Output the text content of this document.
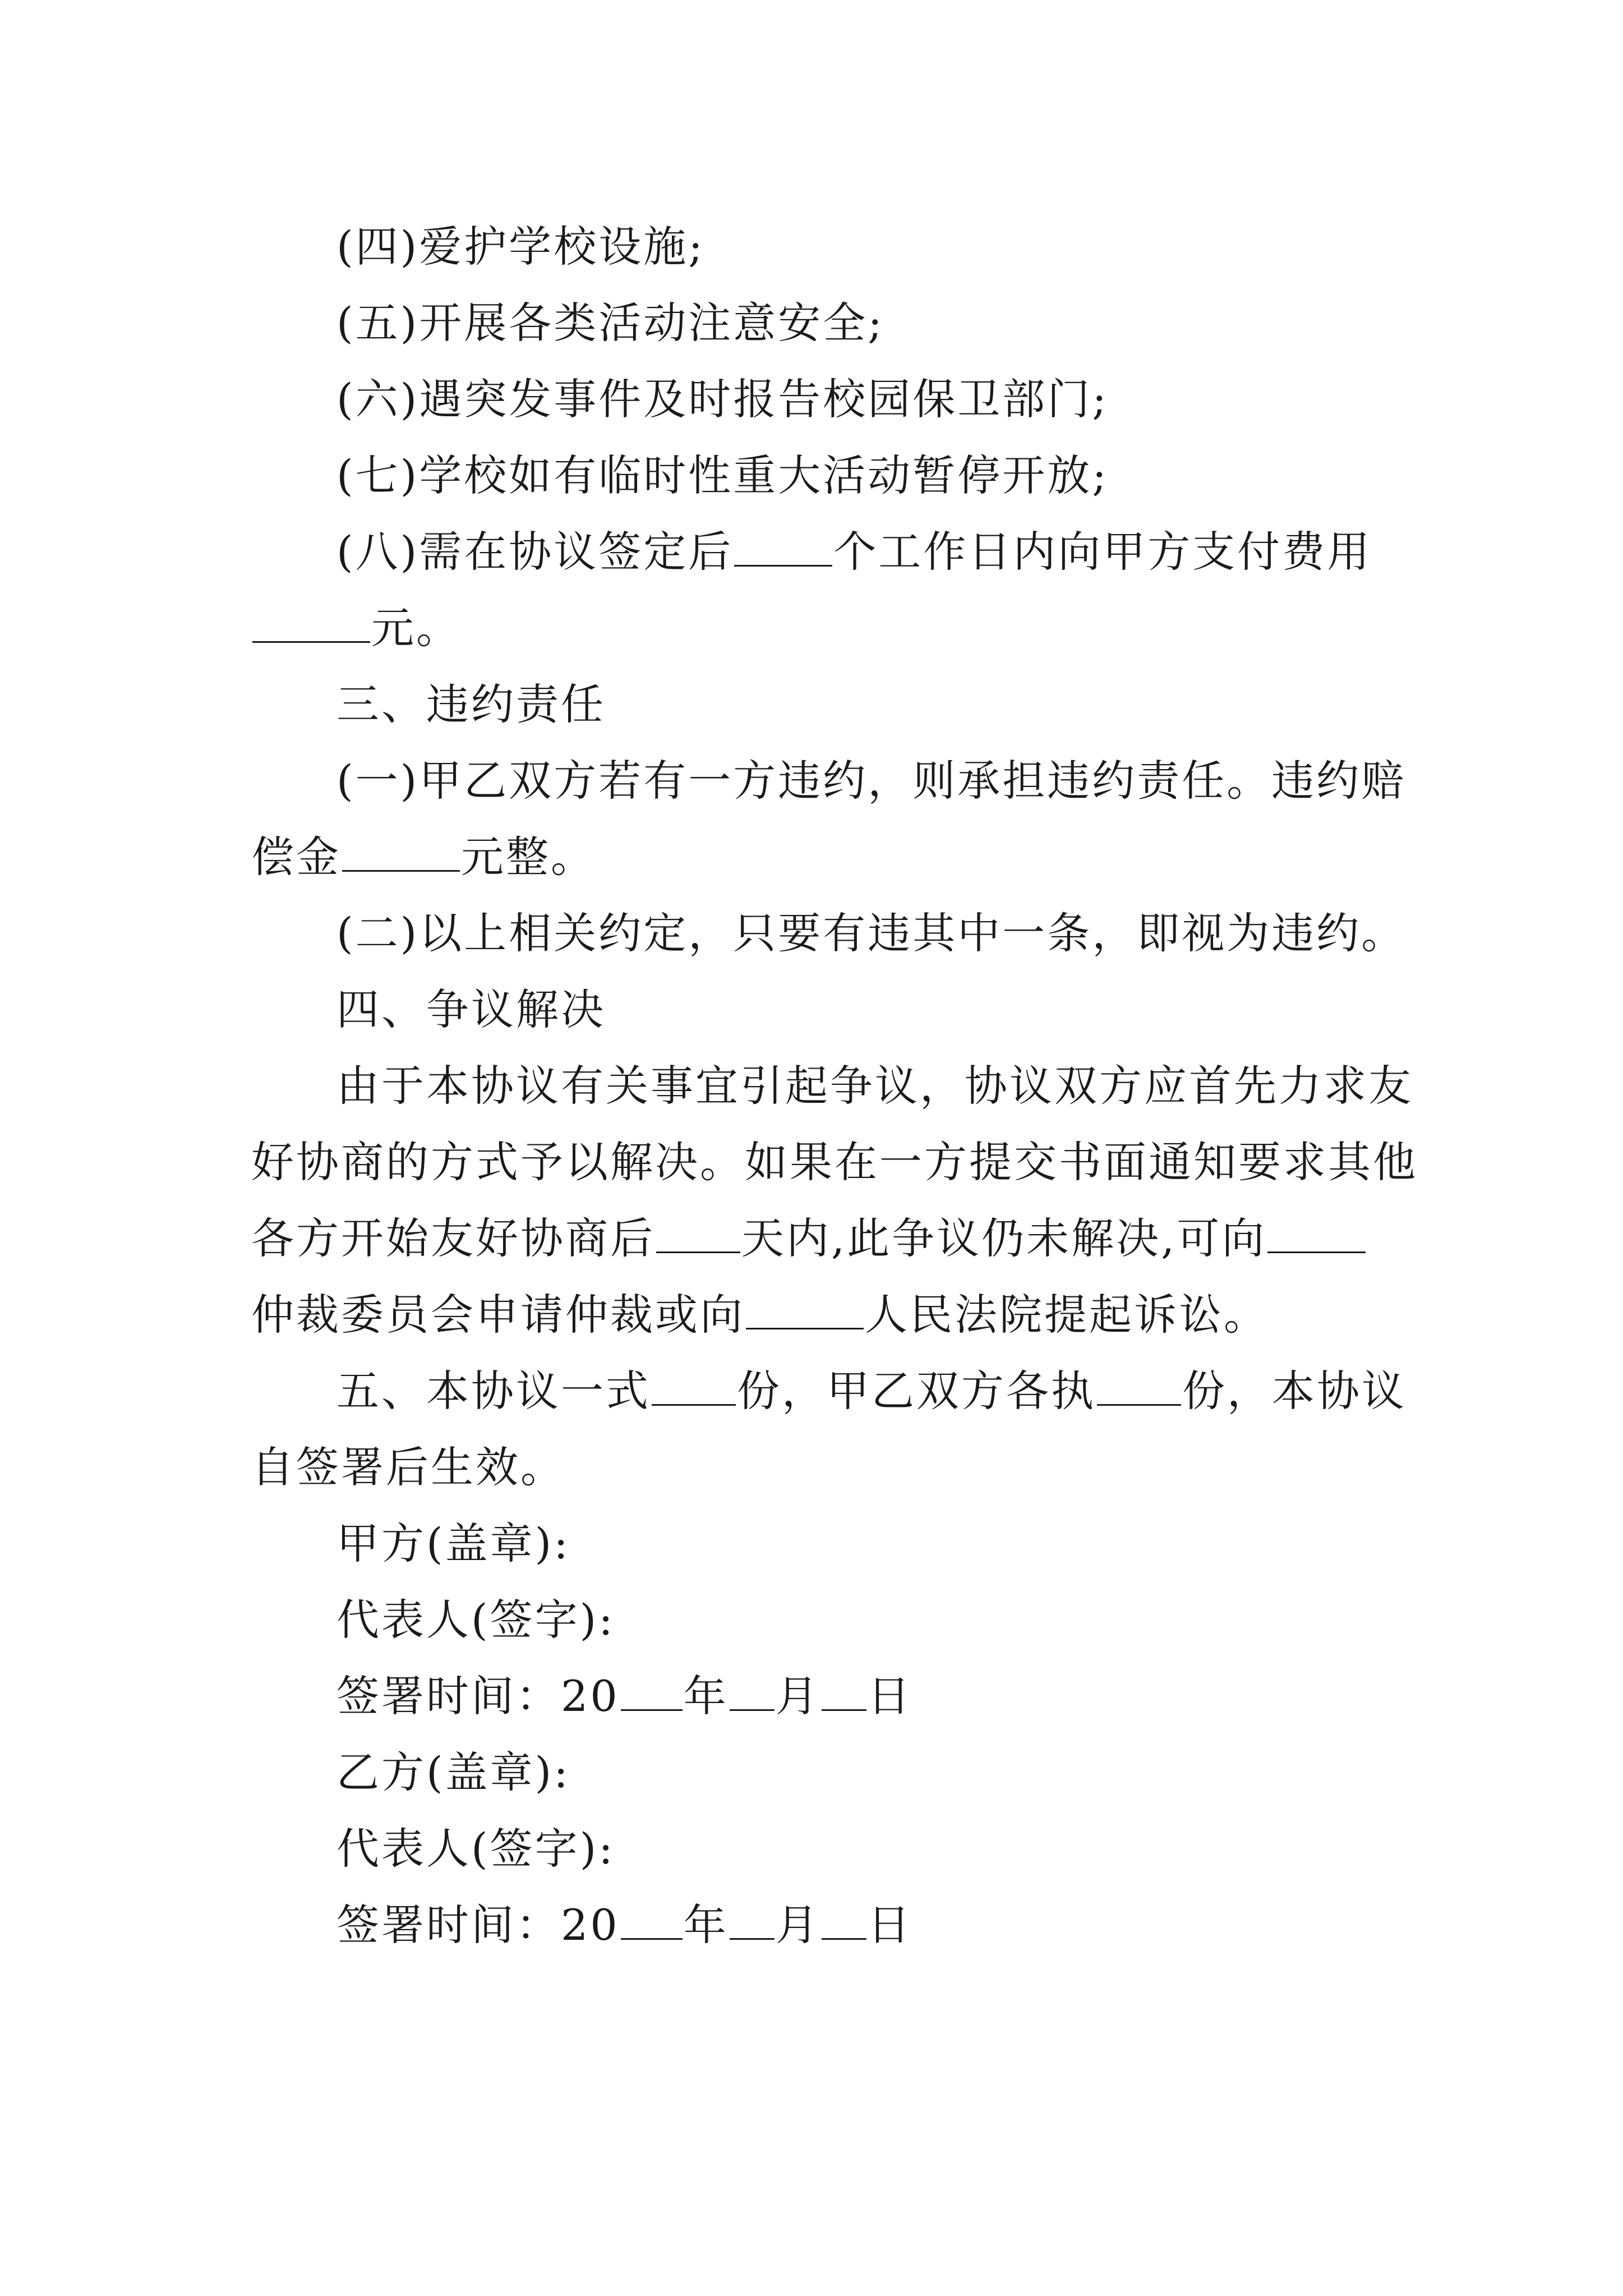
(四)爱护学校设施;
(五)开展各类活动注意安全;
(六)遇突发事件及时报告校园保卫部门;
(七)学校如有临时性重大活动暂停开放;
(八)需在协议签定后 个工作日内向甲方支付费用
元。
三、违约责任
(一)甲乙双方若有一方违约，则承担违约责任。违约赔
偿金	元整。
(二)以上相关约定，只要有违其中一条，即视为违约。
四、争议解决
由于本协议有关事宜引起争议，协议双方应首先力求友
好协商的方式予以解决。如果在一方提交书面通知要求其他
各方开始友好协商后 天内,此争议仍未解决,可向
仲裁委员会申请仲裁或向	人民法院提起诉讼。
五、本协议一式 份，甲乙双方各执 份，本协议
自签署后生效。
甲方(盖章):
代表人(签字):
签署时间：20 年 月 日
乙方(盖章):
代表人(签字):
签署时间：20 年 月 日
